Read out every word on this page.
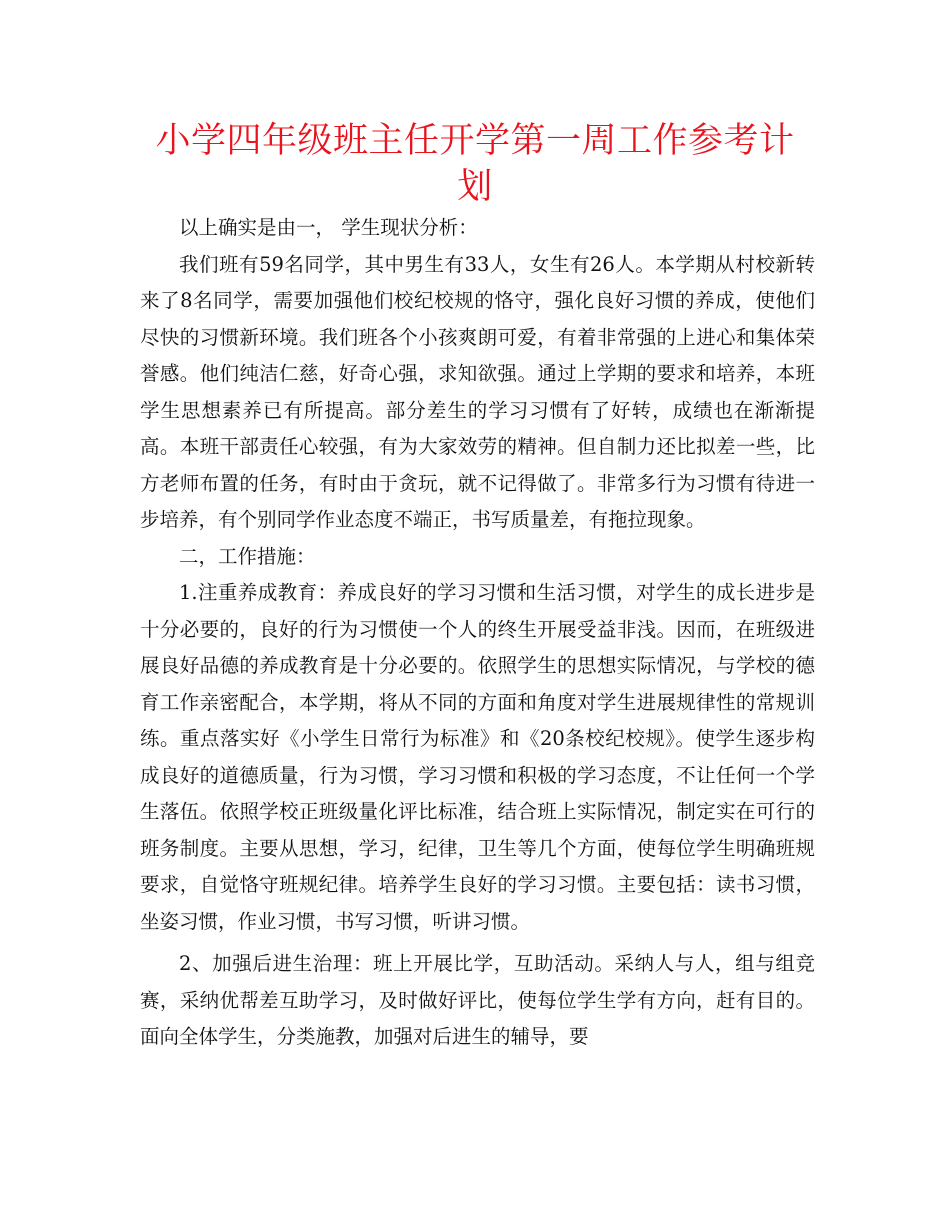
小学四年级班主任开学第一周工作参考计划

以上确实是由一， 学生现状分析：

我们班有59名同学，其中男生有33人，女生有26人。本学期从村校新转来了8名同学，需要加强他们校纪校规的恪守，强化良好习惯的养成，使他们尽快的习惯新环境。我们班各个小孩爽朗可爱，有着非常强的上进心和集体荣誉感。他们纯洁仁慈，好奇心强，求知欲强。通过上学期的要求和培养，本班学生思想素养已有所提高。部分差生的学习习惯有了好转，成绩也在渐渐提高。本班干部责任心较强，有为大家效劳的精神。但自制力还比拟差一些，比方老师布置的任务，有时由于贪玩，就不记得做了。非常多行为习惯有待进一步培养，有个别同学作业态度不端正，书写质量差，有拖拉现象。

二，工作措施：

1.注重养成教育：养成良好的学习习惯和生活习惯，对学生的成长进步是十分必要的，良好的行为习惯使一个人的终生开展受益非浅。因而，在班级进展良好品德的养成教育是十分必要的。依照学生的思想实际情况，与学校的德育工作亲密配合，本学期，将从不同的方面和角度对学生进展规律性的常规训练。重点落实好《小学生日常行为标准》和《20条校纪校规》。使学生逐步构成良好的道德质量，行为习惯，学习习惯和积极的学习态度，不让任何一个学生落伍。依照学校正班级量化评比标准，结合班上实际情况，制定实在可行的班务制度。主要从思想，学习，纪律，卫生等几个方面，使每位学生明确班规要求，自觉恪守班规纪律。培养学生良好的学习习惯。主要包括：读书习惯，坐姿习惯，作业习惯，书写习惯，听讲习惯。

2、加强后进生治理：班上开展比学，互助活动。采纳人与人，组与组竞赛，采纳优帮差互助学习，及时做好评比，使每位学生学有方向，赶有目的。面向全体学生，分类施教，加强对后进生的辅导，要
